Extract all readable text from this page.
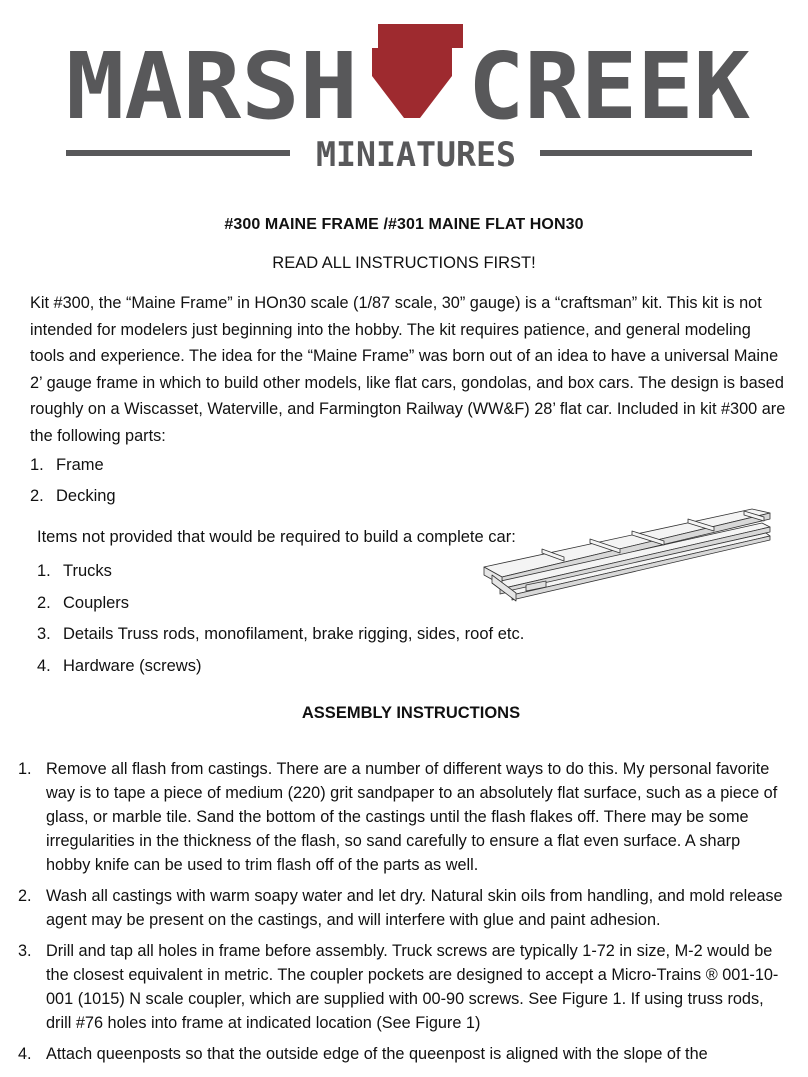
MARSH CREEK
MINIATURES
#300 MAINE FRAME /#301 MAINE FLAT HON30
READ ALL INSTRUCTIONS FIRST!

Kit #300, the “Maine Frame” in HOn30 scale (1/87 scale, 30” gauge) is a “craftsman” kit. This kit is not intended for modelers just beginning into the hobby. The kit requires patience, and general modeling tools and experience. The idea for the “Maine Frame” was born out of an idea to have a universal Maine 2’ gauge frame in which to build other models, like flat cars, gondolas, and box cars. The design is based roughly on a Wiscasset, Waterville, and Farmington Railway (WW&F) 28’ flat car. Included in kit #300 are the following parts:

1. Frame
2. Decking
Items not provided that would be required to build a complete car:
1. Trucks
2. Couplers
3. Details Truss rods, monofilament, brake rigging, sides, roof etc.
4. Hardware (screws)
ASSEMBLY INSTRUCTIONS
1. Remove all flash from castings. There are a number of different ways to do this. My personal favorite way is to tape a piece of medium (220) grit sandpaper to an absolutely flat surface, such as a piece of glass, or marble tile. Sand the bottom of the castings until the flash flakes off. There may be some irregularities in the thickness of the flash, so sand carefully to ensure a flat even surface. A sharp hobby knife can be used to trim flash off of the parts as well.
2. Wash all castings with warm soapy water and let dry. Natural skin oils from handling, and mold release agent may be present on the castings, and will interfere with glue and paint adhesion.
3. Drill and tap all holes in frame before assembly. Truck screws are typically 1-72 in size, M-2 would be the closest equivalent in metric. The coupler pockets are designed to accept a Micro-Trains ® 001-10-001 (1015) N scale coupler, which are supplied with 00-90 screws. See Figure 1. If using truss rods, drill #76 holes into frame at indicated location (See Figure 1)
4. Attach queenposts so that the outside edge of the queenpost is aligned with the slope of the
